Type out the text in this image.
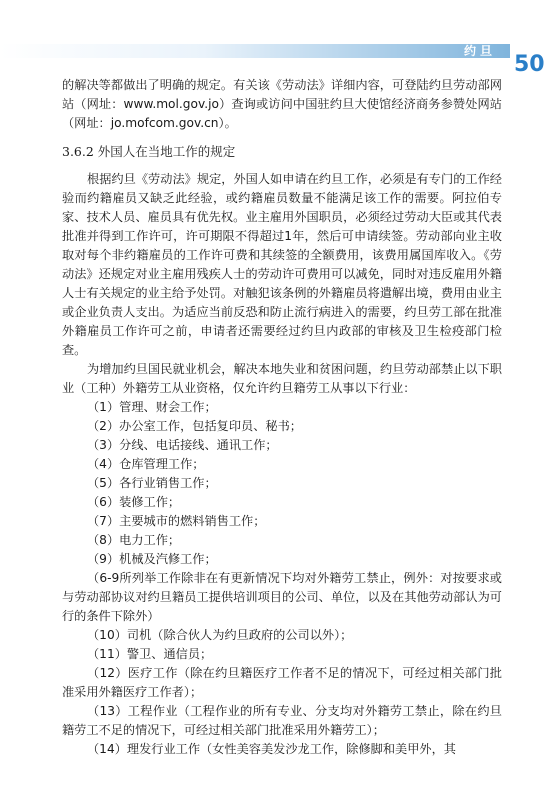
约旦
50

的解决等都做出了明确的规定。有关该《劳动法》详细内容，可登陆约旦劳动部网站（网址：www.mol.gov.jo）查询或访问中国驻约旦大使馆经济商务参赞处网站（网址：jo.mofcom.gov.cn）。

3.6.2 外国人在当地工作的规定

根据约旦《劳动法》规定，外国人如申请在约旦工作，必须是有专门的工作经验而约籍雇员又缺乏此经验，或约籍雇员数量不能满足该工作的需要。阿拉伯专家、技术人员、雇员具有优先权。业主雇用外国职员，必须经过劳动大臣或其代表批准并得到工作许可，许可期限不得超过1年，然后可申请续签。劳动部向业主收取对每个非约籍雇员的工作许可费和其续签的全额费用，该费用属国库收入。《劳动法》还规定对业主雇用残疾人士的劳动许可费用可以减免，同时对违反雇用外籍人士有关规定的业主给予处罚。对触犯该条例的外籍雇员将遣解出境，费用由业主或企业负责人支出。为适应当前反恐和防止流行病进入的需要，约旦劳工部在批准外籍雇员工作许可之前，申请者还需要经过约旦内政部的审核及卫生检疫部门检查。

为增加约旦国民就业机会，解决本地失业和贫困问题，约旦劳动部禁止以下职业（工种）外籍劳工从业资格，仅允许约旦籍劳工从事以下行业：

（1）管理、财会工作；
（2）办公室工作，包括复印员、秘书；
（3）分线、电话接线、通讯工作；
（4）仓库管理工作；
（5）各行业销售工作；
（6）装修工作；
（7）主要城市的燃料销售工作；
（8）电力工作；
（9）机械及汽修工作；

（6-9所列举工作除非在有更新情况下均对外籍劳工禁止，例外：对按要求或与劳动部协议对约旦籍员工提供培训项目的公司、单位，以及在其他劳动部认为可行的条件下除外）

（10）司机（除合伙人为约旦政府的公司以外）；

（11）警卫、通信员；

（12）医疗工作（除在约旦籍医疗工作者不足的情况下，可经过相关部门批准采用外籍医疗工作者）；

（13）工程作业（工程作业的所有专业、分支均对外籍劳工禁止，除在约旦籍劳工不足的情况下，可经过相关部门批准采用外籍劳工）；

（14）理发行业工作（女性美容美发沙龙工作，除修脚和美甲外，其
